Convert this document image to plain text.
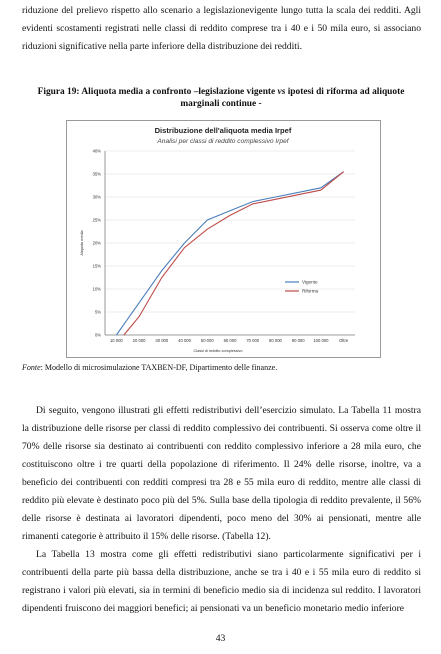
riduzione del prelievo rispetto allo scenario a legislazionevigente lungo tutta la scala dei redditi. Agli evidenti scostamenti registrati nelle classi di reddito comprese tra i 40 e i 50 mila euro, si associano riduzioni significative nella parte inferiore della distribuzione dei redditi.

Figura 19: Aliquota media a confronto –legislazione vigente vs ipotesi di riforma ad aliquote marginali continue -

Distribuzione dell'aliquota media Irpef
Analisi per classi di reddito complessivo Irpef
0%
5%
10%
15%
20%
25%
30%
35%
40%
10 000 20 000 30 000 40 000 50 000 60 000 70 000 80 000 90 000 100 000	Oltre
Vigente
Riforma
Classi di reddito complessivo
Aliquota media

Fonte: Modello di microsimulazione TAXBEN-DF, Dipartimento delle finanze.

Di seguito, vengono illustrati gli effetti redistributivi dell’esercizio simulato. La Tabella 11 mostra la distribuzione delle risorse per classi di reddito complessivo dei contribuenti. Si osserva come oltre il 70% delle risorse sia destinato ai contribuenti con reddito complessivo inferiore a 28 mila euro, che costituiscono oltre i tre quarti della popolazione di riferimento. Il 24% delle risorse, inoltre, va a beneficio dei contribuenti con redditi compresi tra 28 e 55 mila euro di reddito, mentre alle classi di reddito più elevate è destinato poco più del 5%. Sulla base della tipologia di reddito prevalente, il 56% delle risorse è destinata ai lavoratori dipendenti, poco meno del 30% ai pensionati, mentre alle rimanenti categorie è attribuito il 15% delle risorse. (Tabella 12).

La Tabella 13 mostra come gli effetti redistributivi siano particolarmente significativi per i contribuenti della parte più bassa della distribuzione, anche se tra i 40 e i 55 mila euro di reddito si registrano i valori più elevati, sia in termini di beneficio medio sia di incidenza sul reddito. I lavoratori dipendenti fruiscono dei maggiori benefici; ai pensionati va un beneficio monetario medio inferiore

43
